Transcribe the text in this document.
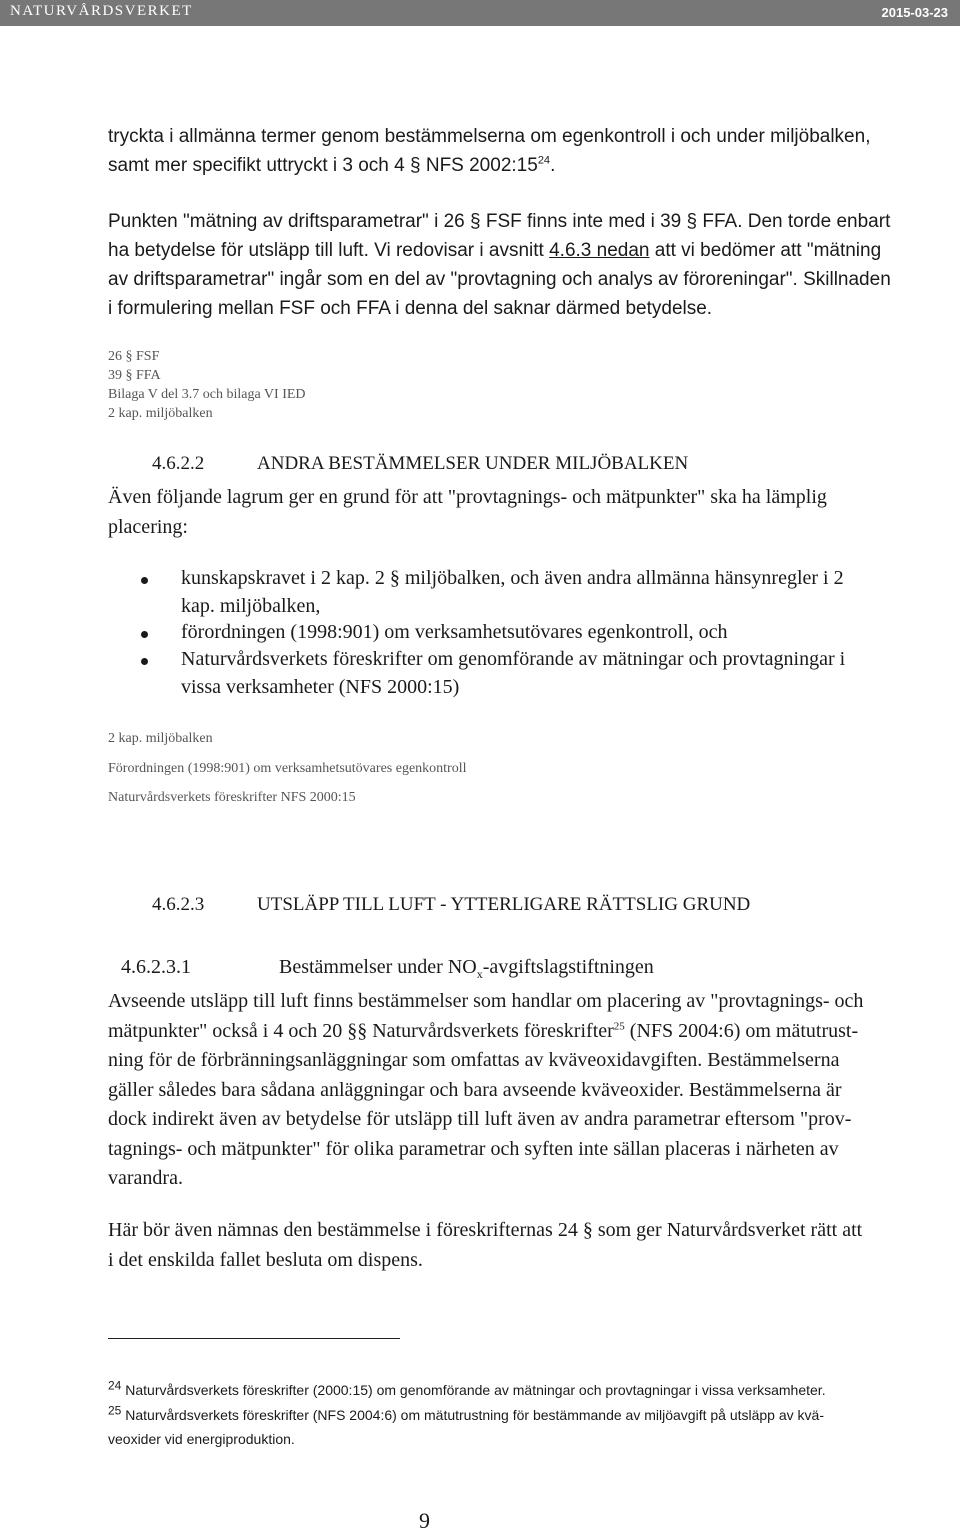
NATURVÅRDSVERKET	2015-03-23
tryckta i allmänna termer genom bestämmelserna om egenkontroll i och under miljöbalken,
samt mer specifikt uttryckt i 3 och 4 § NFS $2002:15^{24}$.
Punkten "mätning av driftsparametrar" i 26 § FSF finns inte med i 39 § FFA. Den torde enbart
ha betydelse för utsläpp till luft. Vi redovisar i avsnitt 4.6.3 nedan att vi bedömer att "mätning
av driftsparametrar" ingår som en del av "provtagning och analys av föroreningar". Skillnaden
i formulering mellan FSF och FFA i denna del saknar därmed betydelse.
26 § FSF
39 § FFA
Bilaga V del 3.7 och bilaga VI IED
2 kap. miljöbalken
4.6.2.2	ANDRA BESTÄMMELSER UNDER MILJÖBALKEN
Även följande lagrum ger en grund för att "provtagnings- och mätpunkter" ska ha lämplig
placering:
kunskapskravet i 2 kap. 2 § miljöbalken, och även andra allmänna hänsynregler i 2
kap. miljöbalken,
förordningen (1998:901) om verksamhetsutövares egenkontroll, och
Naturvårdsverkets föreskrifter om genomförande av mätningar och provtagningar i
vissa verksamheter (NFS 2000:15)
2 kap. miljöbalken
Förordningen (1998:901) om verksamhetsutövares egenkontroll
Naturvårdsverkets föreskrifter NFS 2000:15
4.6.2.3	UTSLÄPP TILL LUFT - YTTERLIGARE RÄTTSLIG GRUND
4.6.2.3.1	Bestämmelser under $NO_x$-avgiftslagstiftningen
Avseende utsläpp till luft finns bestämmelser som handlar om placering av "provtagnings- och
mätpunkter" också i 4 och 20 §§ Naturvårdsverkets föreskrifter$^{25}$ (NFS 2004:6) om mätutrust-
ning för de förbränningsanläggningar som omfattas av kväveoxidavgiften. Bestämmelserna
gäller således bara sådana anläggningar och bara avseende kväveoxider. Bestämmelserna är
dock indirekt även av betydelse för utsläpp till luft även av andra parametrar eftersom "prov-
tagnings- och mätpunkter" för olika parametrar och syften inte sällan placeras i närheten av
varandra.
Här bör även nämnas den bestämmelse i föreskrifternas 24 § som ger Naturvårdsverket rätt att
i det enskilda fallet besluta om dispens.
$^{24}$ Naturvårdsverkets föreskrifter (2000:15) om genomförande av mätningar och provtagningar i vissa verksamheter.
$^{25}$ Naturvårdsverkets föreskrifter (NFS 2004:6) om mätutrustning för bestämmande av miljöavgift på utsläpp av kvä-
veoxider vid energiproduktion.
9
